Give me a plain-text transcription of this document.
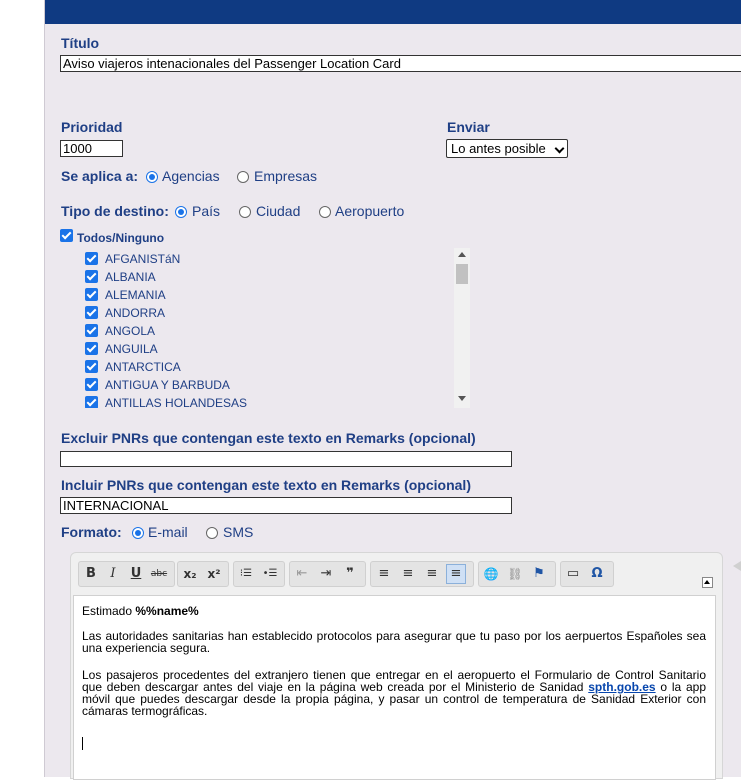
Título
Aviso viajeros intenacionales del Passenger Location Card
Prioridad
1000
Enviar
Lo antes posible
Se aplica a: Agencias Empresas
Tipo de destino: País	Ciudad Aeropuerto
Todos/Ninguno
AFGANISTáN
ALBANIA
ALEMANIA
ANDORRA
ANGOLA
ANGUILA
ANTARCTICA
ANTIGUA Y BARBUDA
ANTILLAS HOLANDESAS
Excluir PNRs que contengan este texto en Remarks (opcional)
Incluir PNRs que contengan este texto en Remarks (opcional)
INTERNACIONAL
Formato: E-mail	SMS
B	I	U	abc x₂ x²	⁝☰	•☰	⇤	⇥	❞	≡	≡	≡	≡	🌐 ⛓ ⚑	▭ Ω

Estimado %%name%

Las autoridades sanitarias han establecido protocolos para asegurar que tu paso por los aerpuertos Españoles sea una experiencia segura.

Los pasajeros procedentes del extranjero tienen que entregar en el aeropuerto el Formulario de Control Sanitario que deben descargar antes del viaje en la página web creada por el Ministerio de Sanidad spth.gob.es o la app móvil que puedes descargar desde la propia página, y pasar un control de temperatura de Sanidad Exterior con cámaras termográficas.
